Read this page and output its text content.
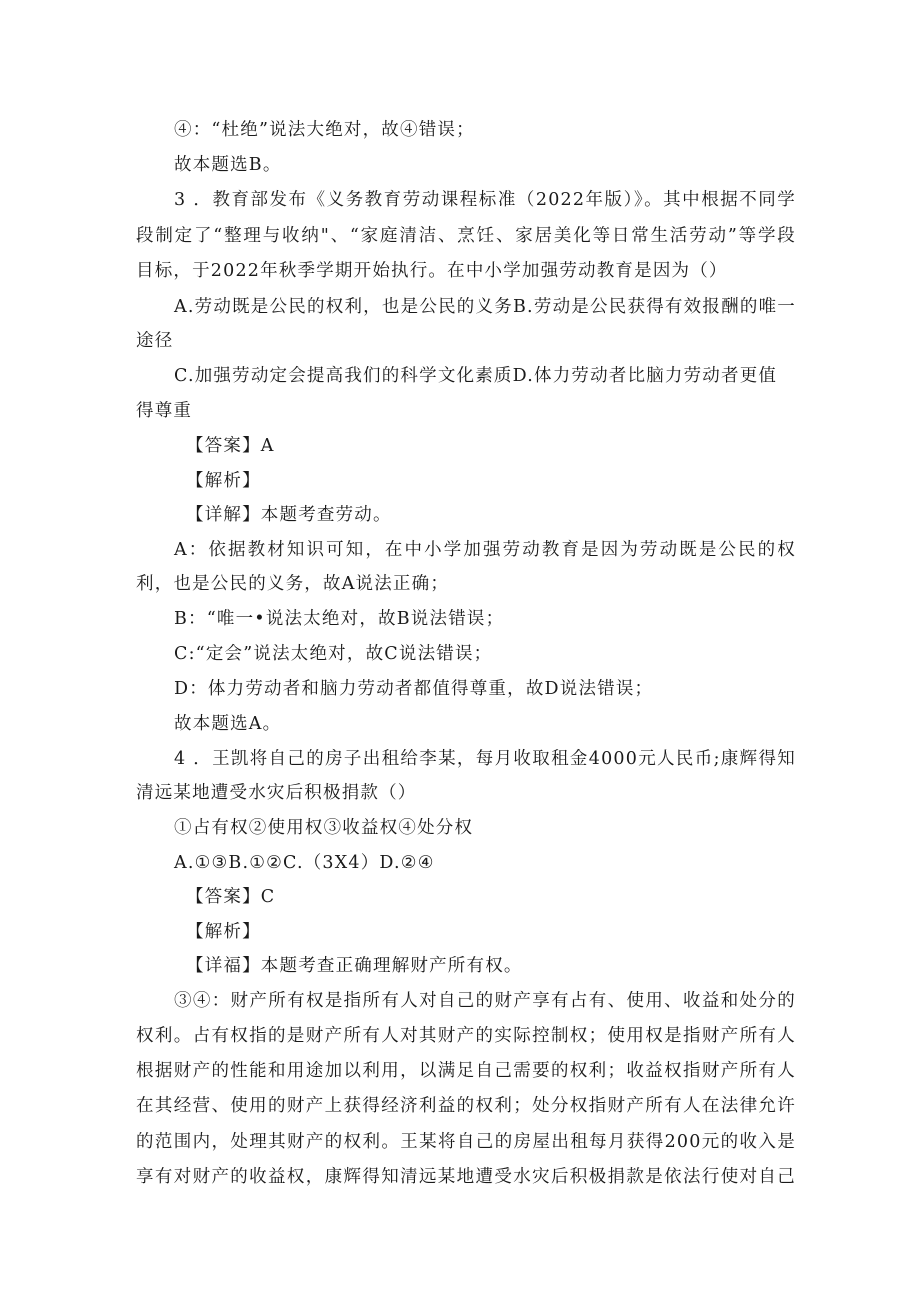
④：“杜绝”说法大绝对，故④错误；
故本题选B。
3 ．教育部发布《义务教育劳动课程标准（2022年版）》。其中根据不同学
段制定了“整理与收纳"、“家庭清洁、烹饪、家居美化等日常生活劳动”等学段
目标，于2022年秋季学期开始执行。在中小学加强劳动教育是因为（）
A.劳动既是公民的权利，也是公民的义务B.劳动是公民获得有效报酬的唯一
途径
C.加强劳动定会提高我们的科学文化素质D.体力劳动者比脑力劳动者更值
得尊重
【答案】A
【解析】
【详解】本题考查劳动。
A：依据教材知识可知，在中小学加强劳动教育是因为劳动既是公民的权
利，也是公民的义务，故A说法正确；
B：“唯一•说法太绝对，故B说法错误；
C:“定会”说法太绝对，故C说法错误；
D：体力劳动者和脑力劳动者都值得尊重，故D说法错误；
故本题选A。
4 ．王凯将自己的房子出租给李某，每月收取租金4000元人民币;康辉得知
清远某地遭受水灾后积极捐款（）
①占有权②使用权③收益权④处分权
A.①③B.①②C.（3X4）D.②④
【答案】C
【解析】
【详福】本题考查正确理解财产所有权。
③④：财产所有权是指所有人对自己的财产享有占有、使用、收益和处分的
权利。占有权指的是财产所有人对其财产的实际控制权；使用权是指财产所有人
根据财产的性能和用途加以利用，以满足自己需要的权利；收益权指财产所有人
在其经营、使用的财产上获得经济利益的权利；处分权指财产所有人在法律允许
的范围内，处理其财产的权利。王某将自己的房屋出租每月获得200元的收入是
享有对财产的收益权，康辉得知清远某地遭受水灾后积极捐款是依法行使对自己
